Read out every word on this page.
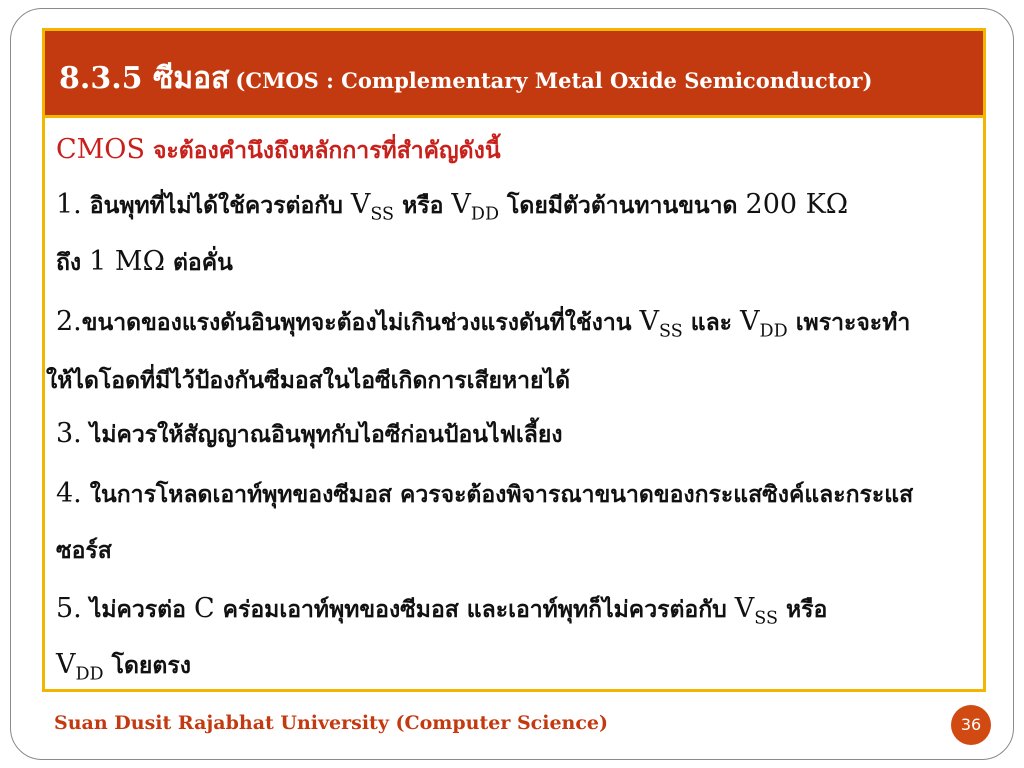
8.3.5 ซีมอส (CMOS : Complementary Metal Oxide Semiconductor)
CMOS จะต้องคำนึงถึงหลักการที่สำคัญดังนี้
1. อินพุทที่ไม่ได้ใช้ควรต่อกับ $V_{SS}$ หรือ $V_{DD}$ โดยมีตัวต้านทานขนาด 200 KΩ
ถึง 1 MΩ ต่อคั่น
2.ขนาดของแรงดันอินพุทจะต้องไม่เกินช่วงแรงดันที่ใช้งาน $V_{SS}$ และ $V_{DD}$ เพราะจะทำ
ให้ไดโอดที่มีไว้ป้องกันซีมอสในไอซีเกิดการเสียหายได้
3. ไม่ควรให้สัญญาณอินพุทกับไอซีก่อนป้อนไฟเลี้ยง
4. ในการโหลดเอาท์พุทของซีมอส ควรจะต้องพิจารณาขนาดของกระแสซิงค์และกระแส
ซอร์ส
5. ไม่ควรต่อ C คร่อมเอาท์พุทของซีมอส และเอาท์พุทก็ไม่ควรต่อกับ $V_{SS}$ หรือ
$V_{DD}$ โดยตรง
Suan Dusit Rajabhat University (Computer Science)	36
